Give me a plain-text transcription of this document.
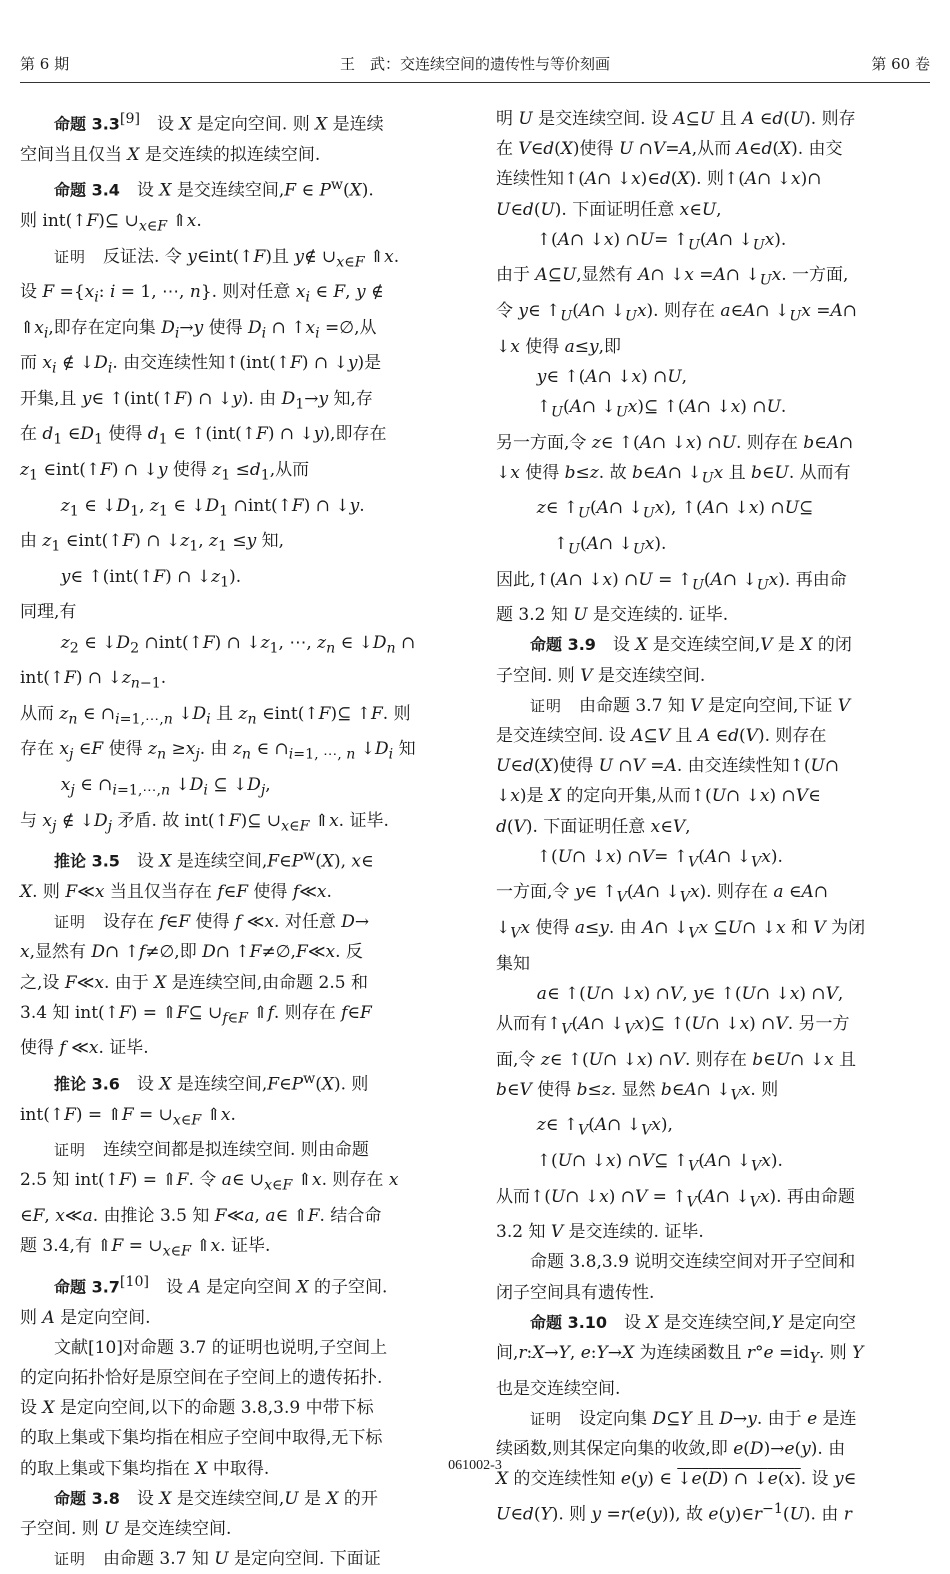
王　武：交连续空间的遗传性与等价刻画
第 6 期	第 60 卷

命题 3.3[9]　设 X 是定向空间. 则 X 是连续

空间当且仅当 X 是交连续的拟连续空间.

命题 3.4　设 X 是交连续空间,F ∈ $P^w(X)$.

则 int(↑F)⊆ $\cup_{x\in F}$ ⇑x.

证明　反证法. 令 y∈int(↑F)且 y∉ $\cup_{x\in F}$ ⇑x.

设 $F =\{x_i$: i = 1, ⋯, n}. 则对任意 $x_i$ ∈ F, y ∉

$⇑x_i$,即存在定向集 $D_i\to y$ 使得 $D_i$ ∩ $↑x_i$ =∅,从

而 $x_i$ ∉ $↓D_i$. 由交连续性知↑(int(↑F) ∩ ↓y)是

开集,且 y∈ ↑(int(↑F) ∩ ↓y). 由 $D_1\to y$ 知,存

在 $d_1$ $\in D_1$ 使得 $d_1$ ∈ ↑(int(↑F) ∩ ↓y),即存在

$z_1$ ∈int(↑F) ∩ ↓y 使得 $z_1 \le d_1$,从而

$z_1$ ∈ $↓D_1$, $z_1$ ∈ $↓D_1$ ∩int(↑F) ∩ ↓y.

由 $z_1$ ∈int(↑F) ∩ $↓z_1$, $z_1 \le y$ 知,

y∈ ↑(int(↑F) ∩ $↓z_1$).

同理,有

$z_2$ ∈ $↓D_2$ ∩int(↑F) ∩ $↓z_1$, ⋯, $z_n$ ∈ $↓D_n$ ∩

int(↑F) ∩ $↓z_{n-1}$.

从而 $z_n$ ∈ $\cap_{i=1,\cdots,n}$ $↓D_i$ 且 $z_n$ ∈int(↑F)⊆ ↑F. 则

存在 $x_j$ ∈F 使得 $z_n \ge x_j$. 由 $z_n$ ∈ $\cap_{i=1, \cdots, n}$ $↓D_i$ 知

$x_j$ ∈ $\cap_{i=1,\cdots,n}$ $↓D_i$ ⊆ $↓D_j$,

与 $x_j$ ∉ $↓D_j$ 矛盾. 故 int(↑F)⊆ $\cup_{x\in F}$ ⇑x. 证毕.

推论 3.5　设 X 是连续空间$,F\in P^w(X)$, x∈

X. 则 F≪x 当且仅当存在 f∈F 使得 f≪x.

证明　设存在 f∈F 使得 f ≪x. 对任意 D→

x,显然有 D∩ ↑f≠∅,即 D∩ ↑F≠∅,F≪x. 反

之,设 F≪x. 由于 X 是连续空间,由命题 2.5 和

3.4 知 int(↑F) = ⇑F⊆ $\cup_{f\in F}$ ⇑f. 则存在 f∈F

使得 f ≪x. 证毕.

推论 3.6　设 X 是连续空间$,F\in P^w(X)$. 则

int(↑F) = ⇑F = $\cup_{x\in F}$ ⇑x.

证明　连续空间都是拟连续空间. 则由命题

2.5 知 int(↑F) = ⇑F. 令 a∈ $\cup_{x\in F}$ ⇑x. 则存在 x

∈F, x≪a. 由推论 3.5 知 F≪a, a∈ ⇑F. 结合命

题 3.4,有 ⇑F = $\cup_{x\in F}$ ⇑x. 证毕.

命题 3.7[10]　设 A 是定向空间 X 的子空间.

则 A 是定向空间.

文献[10]对命题 3.7 的证明也说明,子空间上

的定向拓扑恰好是原空间在子空间上的遗传拓扑.

设 X 是定向空间,以下的命题 3.8,3.9 中带下标

的取上集或下集均指在相应子空间中取得,无下标

的取上集或下集均指在 X 中取得.

命题 3.8　设 X 是交连续空间,U 是 X 的开

子空间. 则 U 是交连续空间.

证明　由命题 3.7 知 U 是定向空间. 下面证

明 U 是交连续空间. 设 A⊆U 且 A ∈d(U). 则存

在 V∈d(X)使得 U ∩V=A,从而 A∈d(X). 由交

连续性知↑(A∩ ↓x)∈d(X). 则↑(A∩ ↓x)∩

U∈d(U). 下面证明任意 x∈U,

↑(A∩ ↓x) ∩U= $↑_U(A\cap$ $↓_Ux$).

由于 A⊆U,显然有 A∩ ↓x =A∩ $↓_Ux$. 一方面,

令 y∈ $↑_U(A\cap$ $↓_Ux$). 则存在 a∈A∩ $↓_Ux$ =A∩

↓x 使得 a≤y,即

y∈ ↑(A∩ ↓x) ∩U,

$↑_U(A\cap$ $↓_Ux)⊆$ ↑(A∩ ↓x) ∩U.

另一方面,令 z∈ ↑(A∩ ↓x) ∩U. 则存在 b∈A∩

↓x 使得 b≤z. 故 b∈A∩ $↓_Ux$ 且 b∈U. 从而有

z∈ $↑_U(A\cap$ $↓_Ux$), ↑(A∩ ↓x) ∩U⊆

$↑_U(A\cap$ $↓_Ux$).

因此,↑(A∩ ↓x) ∩U = $↑_U(A\cap$ $↓_Ux$). 再由命

题 3.2 知 U 是交连续的. 证毕.

命题 3.9　设 X 是交连续空间,V 是 X 的闭

子空间. 则 V 是交连续空间.

证明　由命题 3.7 知 V 是定向空间,下证 V

是交连续空间. 设 A⊆V 且 A ∈d(V). 则存在

U∈d(X)使得 U ∩V =A. 由交连续性知↑(U∩

↓x)是 X 的定向开集,从而↑(U∩ ↓x) ∩V∈

d(V). 下面证明任意 x∈V,

↑(U∩ ↓x) ∩V= $↑_V(A\cap$ $↓_Vx$).

一方面,令 y∈ $↑_V(A\cap$ $↓_Vx$). 则存在 a ∈A∩

$↓_Vx$ 使得 a≤y. 由 A∩ $↓_Vx$ ⊆U∩ ↓x 和 V 为闭

集知

a∈ ↑(U∩ ↓x) ∩V, y∈ ↑(U∩ ↓x) ∩V,

从而有$↑_V(A\cap$ $↓_Vx)⊆$ ↑(U∩ ↓x) ∩V. 另一方

面,令 z∈ ↑(U∩ ↓x) ∩V. 则存在 b∈U∩ ↓x 且

b∈V 使得 b≤z. 显然 b∈A∩ $↓_Vx$. 则

z∈ $↑_V(A\cap$ $↓_Vx$),

↑(U∩ ↓x) ∩V⊆ $↑_V(A\cap$ $↓_Vx$).

从而↑(U∩ ↓x) ∩V = $↑_V(A\cap$ $↓_Vx$). 再由命题

3.2 知 V 是交连续的. 证毕.

命题 3.8,3.9 说明交连续空间对开子空间和

闭子空间具有遗传性.

命题 3.10　设 X 是交连续空间,Y 是定向空

间,r:X→Y, e:Y→X 为连续函数且 $r^\circ e =id_Y$. 则 Y

也是交连续空间.

证明　设定向集 D⊆Y 且 D→y. 由于 e 是连

续函数,则其保定向集的收敛,即 e(D)→e(y). 由

X 的交连续性知 e(y) ∈ ↓e(D) ∩ ↓e(x). 设 y∈

U∈d(Y). 则 y =r(e(y)), 故 $e(y)\in r^{-1}(U)$. 由 r

061002-3
